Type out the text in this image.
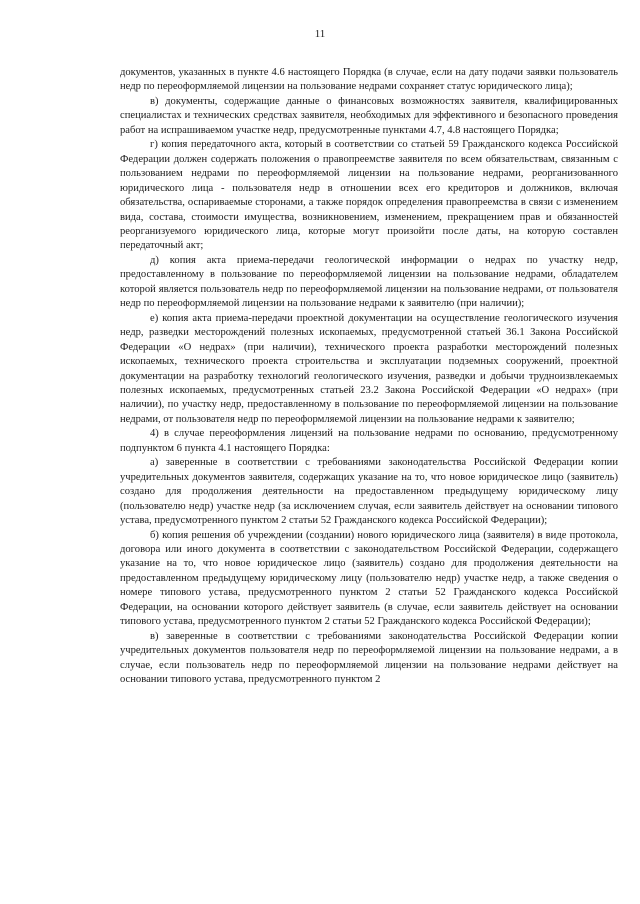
11

документов, указанных в пункте 4.6 настоящего Порядка (в случае, если на дату подачи заявки пользователь недр по переоформляемой лицензии на пользование недрами сохраняет статус юридического лица);

в) документы, содержащие данные о финансовых возможностях заявителя, квалифицированных специалистах и технических средствах заявителя, необходимых для эффективного и безопасного проведения работ на испрашиваемом участке недр, предусмотренные пунктами 4.7, 4.8 настоящего Порядка;

г) копия передаточного акта, который в соответствии со статьей 59 Гражданского кодекса Российской Федерации должен содержать положения о правопреемстве заявителя по всем обязательствам, связанным с пользованием недрами по переоформляемой лицензии на пользование недрами, реорганизованного юридического лица - пользователя недр в отношении всех его кредиторов и должников, включая обязательства, оспариваемые сторонами, а также порядок определения правопреемства в связи с изменением вида, состава, стоимости имущества, возникновением, изменением, прекращением прав и обязанностей реорганизуемого юридического лица, которые могут произойти после даты, на которую составлен передаточный акт;

д) копия акта приема-передачи геологической информации о недрах по участку недр, предоставленному в пользование по переоформляемой лицензии на пользование недрами, обладателем которой является пользователь недр по переоформляемой лицензии на пользование недрами, от пользователя недр по переоформляемой лицензии на пользование недрами к заявителю (при наличии);

е) копия акта приема-передачи проектной документации на осуществление геологического изучения недр, разведки месторождений полезных ископаемых, предусмотренной статьей 36.1 Закона Российской Федерации «О недрах» (при наличии), технического проекта разработки месторождений полезных ископаемых, технического проекта строительства и эксплуатации подземных сооружений, проектной документации на разработку технологий геологического изучения, разведки и добычи трудноизвлекаемых полезных ископаемых, предусмотренных статьей 23.2 Закона Российской Федерации «О недрах» (при наличии), по участку недр, предоставленному в пользование по переоформляемой лицензии на пользование недрами, от пользователя недр по переоформляемой лицензии на пользование недрами к заявителю;

4) в случае переоформления лицензий на пользование недрами по основанию, предусмотренному подпунктом 6 пункта 4.1 настоящего Порядка:

а) заверенные в соответствии с требованиями законодательства Российской Федерации копии учредительных документов заявителя, содержащих указание на то, что новое юридическое лицо (заявитель) создано для продолжения деятельности на предоставленном предыдущему юридическому лицу (пользователю недр) участке недр (за исключением случая, если заявитель действует на основании типового устава, предусмотренного пунктом 2 статьи 52 Гражданского кодекса Российской Федерации);

б) копия решения об учреждении (создании) нового юридического лица (заявителя) в виде протокола, договора или иного документа в соответствии с законодательством Российской Федерации, содержащего указание на то, что новое юридическое лицо (заявитель) создано для продолжения деятельности на предоставленном предыдущему юридическому лицу (пользователю недр) участке недр, а также сведения о номере типового устава, предусмотренного пунктом 2 статьи 52 Гражданского кодекса Российской Федерации, на основании которого действует заявитель (в случае, если заявитель действует на основании типового устава, предусмотренного пунктом 2 статьи 52 Гражданского кодекса Российской Федерации);

в) заверенные в соответствии с требованиями законодательства Российской Федерации копии учредительных документов пользователя недр по переоформляемой лицензии на пользование недрами, а в случае, если пользователь недр по переоформляемой лицензии на пользование недрами действует на основании типового устава, предусмотренного пунктом 2
